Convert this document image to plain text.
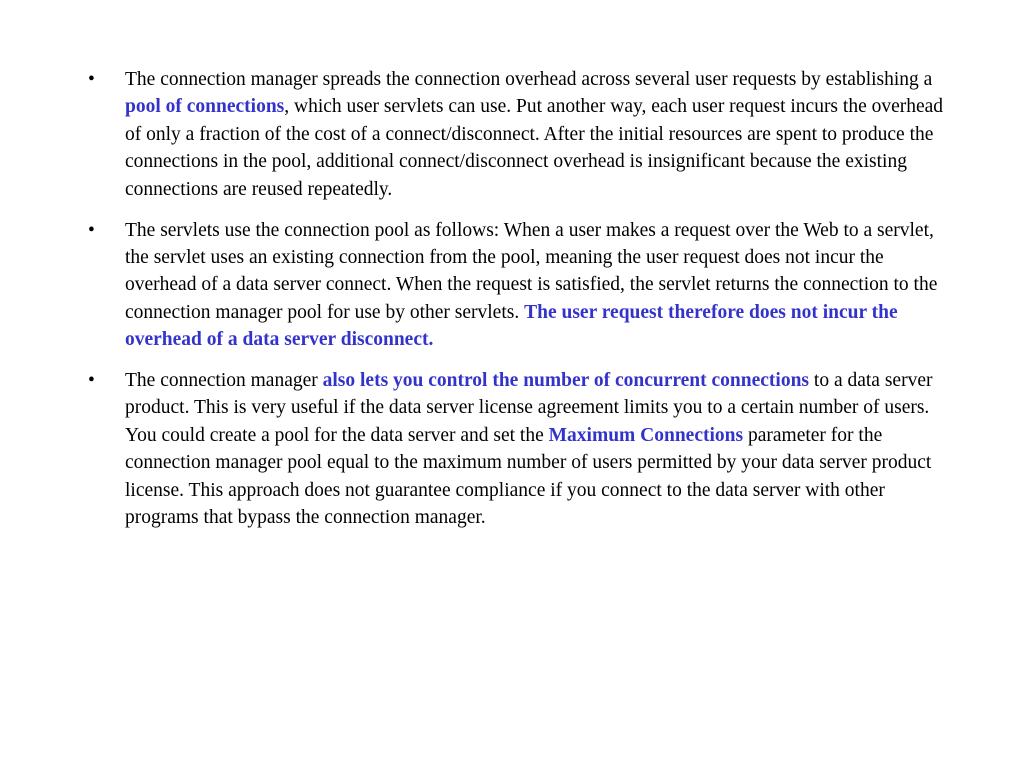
• The connection manager spreads the connection overhead across several user requests by establishing a pool of connections, which user servlets can use. Put another way, each user request incurs the overhead of only a fraction of the cost of a connect/disconnect. After the initial resources are spent to produce the connections in the pool, additional connect/disconnect overhead is insignificant because the existing connections are reused repeatedly.
• The servlets use the connection pool as follows: When a user makes a request over the Web to a servlet, the servlet uses an existing connection from the pool, meaning the user request does not incur the overhead of a data server connect. When the request is satisfied, the servlet returns the connection to the connection manager pool for use by other servlets. The user request therefore does not incur the overhead of a data server disconnect.
• The connection manager also lets you control the number of concurrent connections to a data server product. This is very useful if the data server license agreement limits you to a certain number of users. You could create a pool for the data server and set the Maximum Connections parameter for the connection manager pool equal to the maximum number of users permitted by your data server product license. This approach does not guarantee compliance if you connect to the data server with other programs that bypass the connection manager.
